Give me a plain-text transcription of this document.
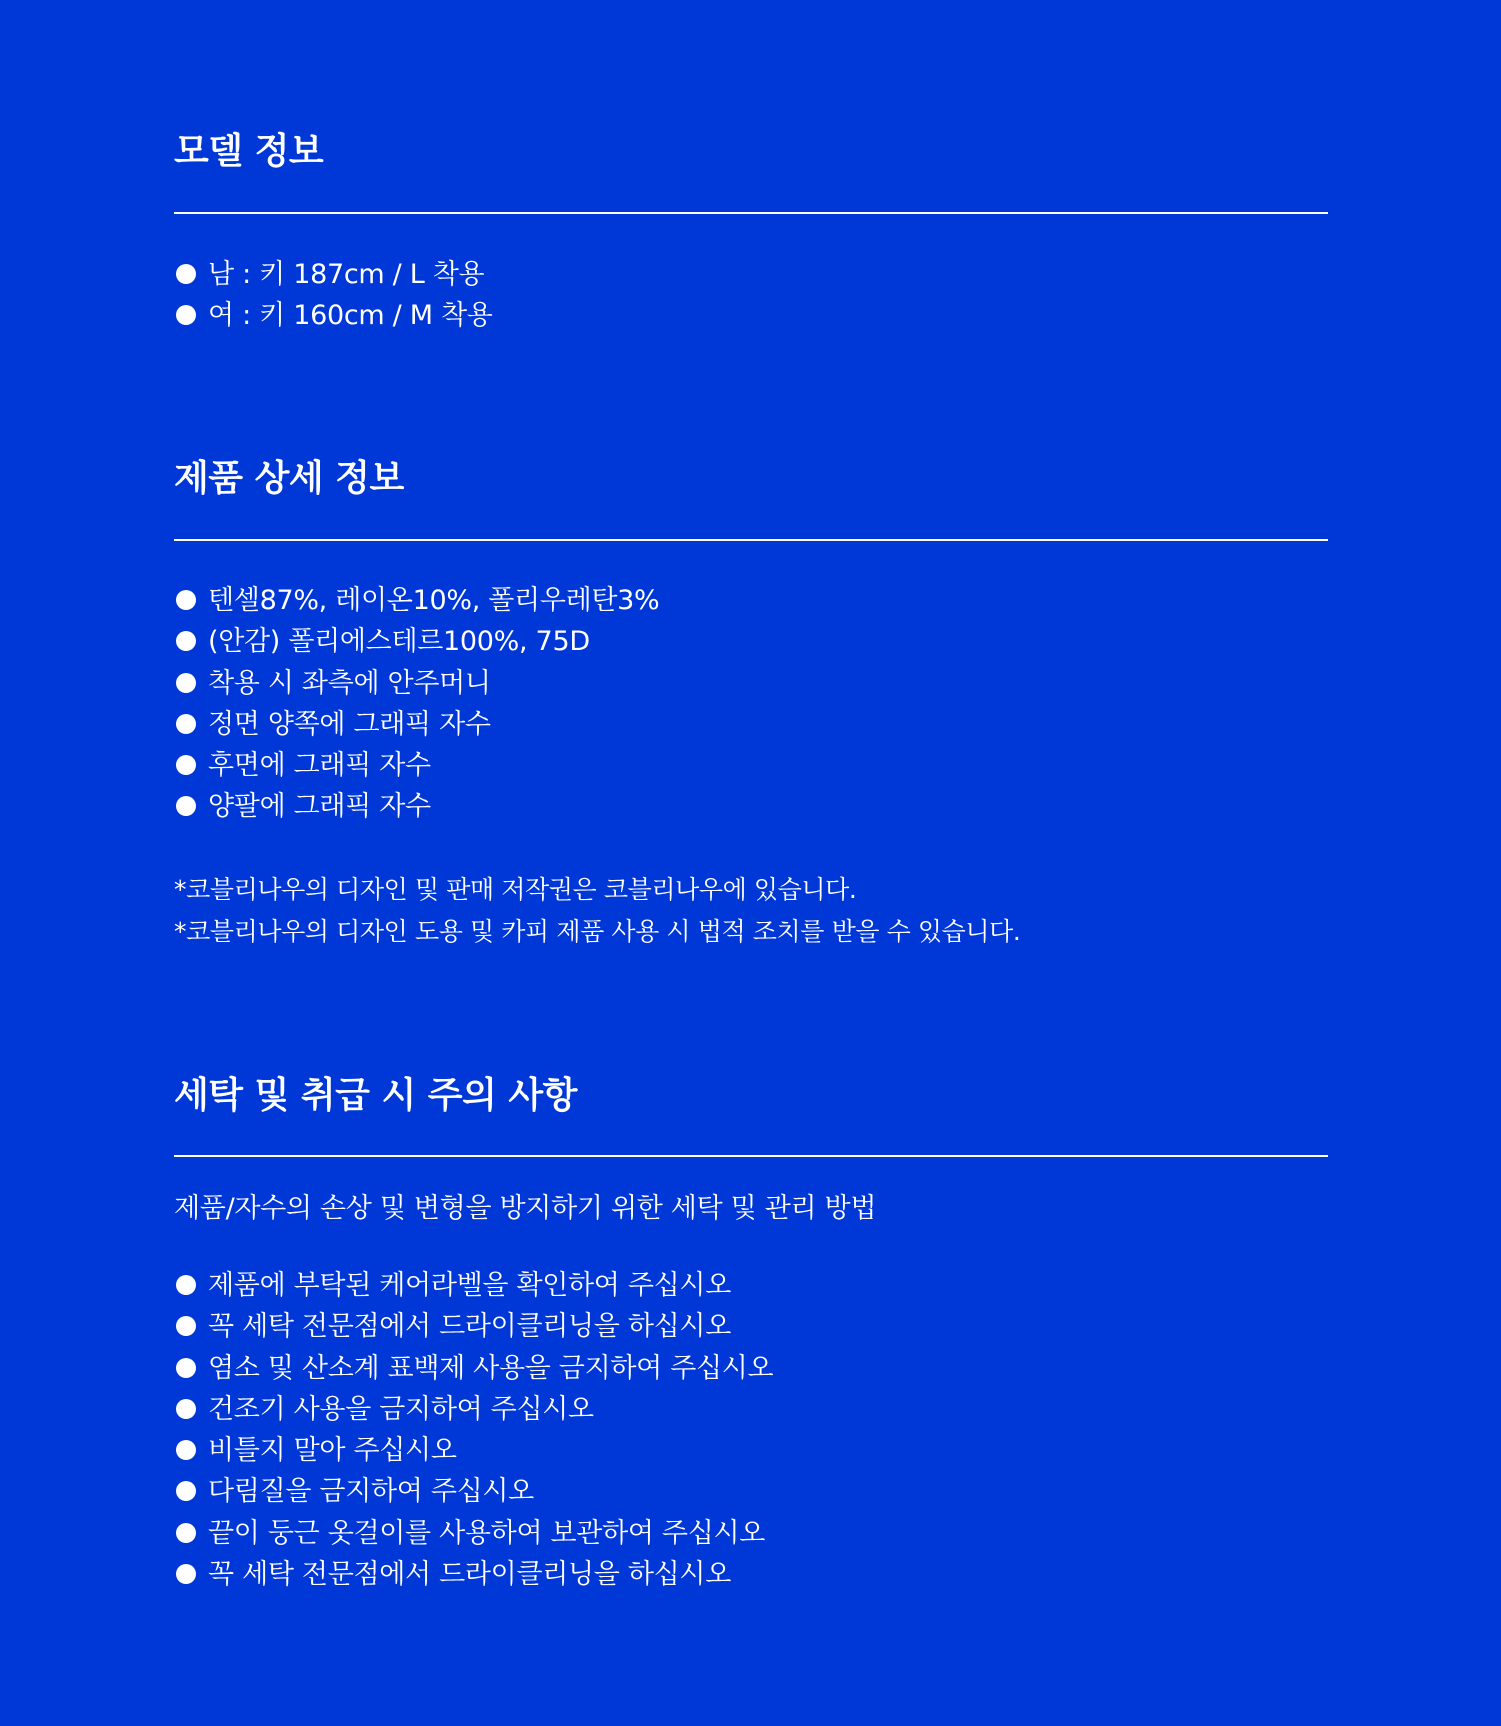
모델 정보
남 : 키 187cm / L 착용
여 : 키 160cm / M 착용
제품 상세 정보
텐셀87%, 레이온10%, 폴리우레탄3%
(안감) 폴리에스테르100%, 75D
착용 시 좌측에 안주머니
정면 양쪽에 그래픽 자수
후면에 그래픽 자수
양팔에 그래픽 자수

*코블리나우의 디자인 및 판매 저작권은 코블리나우에 있습니다.

*코블리나우의 디자인 도용 및 카피 제품 사용 시 법적 조치를 받을 수 있습니다.

세탁 및 취급 시 주의 사항

제품/자수의 손상 및 변형을 방지하기 위한 세탁 및 관리 방법

제품에 부탁된 케어라벨을 확인하여 주십시오
꼭 세탁 전문점에서 드라이클리닝을 하십시오
염소 및 산소계 표백제 사용을 금지하여 주십시오
건조기 사용을 금지하여 주십시오
비틀지 말아 주십시오
다림질을 금지하여 주십시오
끝이 둥근 옷걸이를 사용하여 보관하여 주십시오
꼭 세탁 전문점에서 드라이클리닝을 하십시오
